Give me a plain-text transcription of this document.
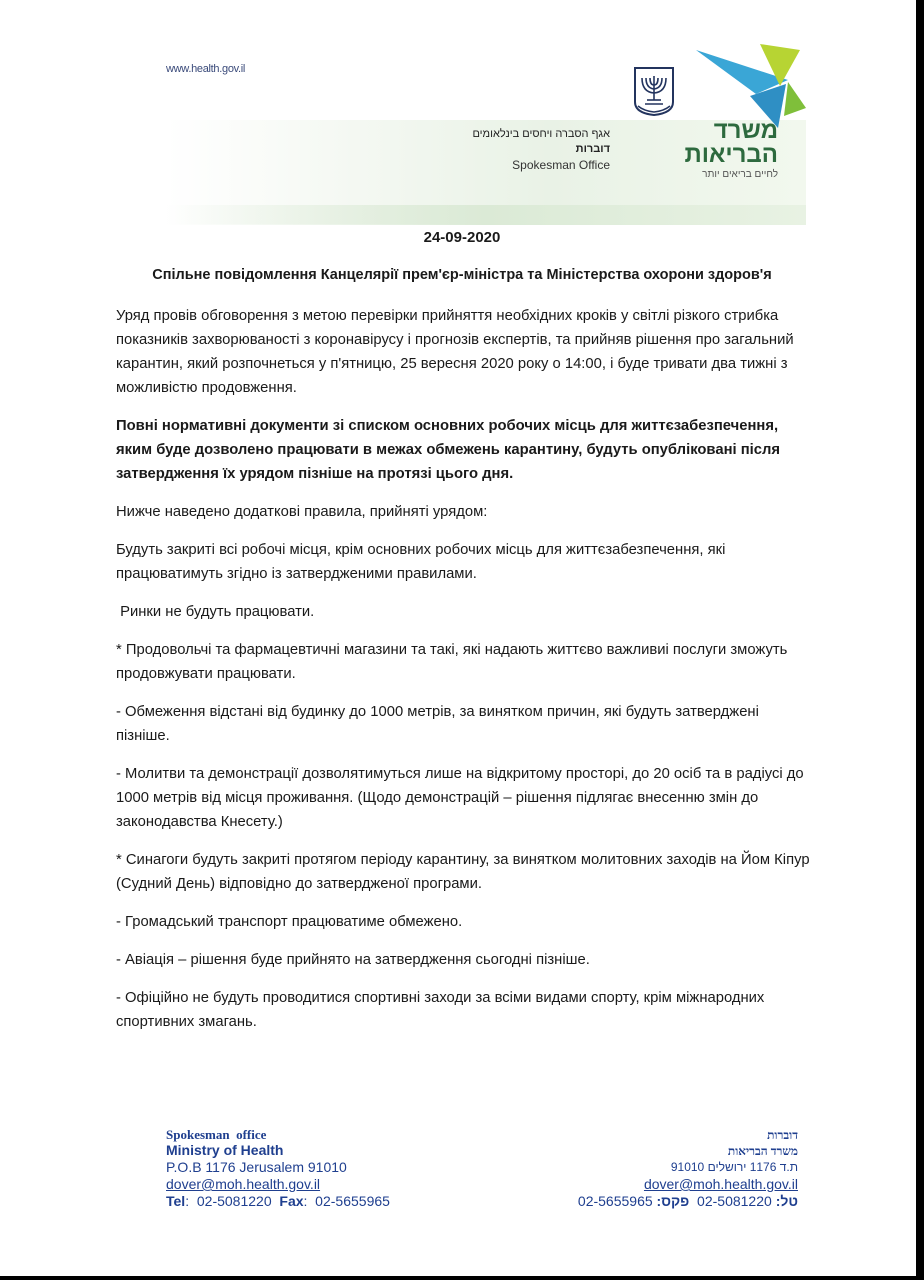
www.health.gov.il
אגף הסברה ויחסים בינלאומים
דוברות
Spokesman Office
משרד
הבריאות
לחיים בריאים יותר
24-09-2020
Спільне повідомлення Канцелярії прем'єр-міністра та Міністерства охорони здоров'я

Уряд провів обговорення з метою перевірки прийняття необхідних кроків у світлі різкого стрибка показників захворюваності з коронавірусу і прогнозів експертів, та прийняв рішення про загальний карантин, який розпочнеться у п'ятницю, 25 вересня 2020 року о 14:00, і буде тривати два тижні з можливістю продовження.

Повні нормативні документи зі списком основних робочих місць для життєзабезпечення, яким буде дозволено працювати в межах обмежень карантину, будуть опубліковані після затвердження їх урядом пізніше на протязі цього дня.

Нижче наведено додаткові правила, прийняті урядом:

Будуть закриті всі робочі місця, крім основних робочих місць для життєзабезпечення, які працюватимуть згідно із затвердженими правилами.

Ринки не будуть працювати.

* Продовольчі та фармацевтичні магазини та такі, які надають життєво важливиі послуги зможуть продовжувати працювати.

- Обмеження відстані від будинку до 1000 метрів, за винятком причин, які будуть затверджені пізніше.

- Молитви та демонстрації дозволятимуться лише на відкритому просторі, до 20 осіб та в радіусі до 1000 метрів від місця проживання. (Щодо демонстрацій – рішення підлягає внесенню змін до законодавства Кнесету.)

* Синагоги будуть закриті протягом періоду карантину, за винятком молитовних заходів на Йом Кіпур (Судний День) відповідно до затвердженої програми.

- Громадський транспорт працюватиме обмежено.

- Авіація – рішення буде прийнято на затвердження сьогодні пізніше.

- Офіційно не будуть проводитися спортивні заходи за всіми видами спорту, крім міжнародних спортивних змагань.

Spokesman  office
Ministry of Health
P.O.B 1176 Jerusalem 91010
dover@moh.health.gov.il
Tel:  02-5081220  Fax:  02-5655965
דוברות
משרד הבריאות
ת.ד 1176 ירושלים 91010
dover@moh.health.gov.il
טל: 02-5081220  פקס: 02-5655965
